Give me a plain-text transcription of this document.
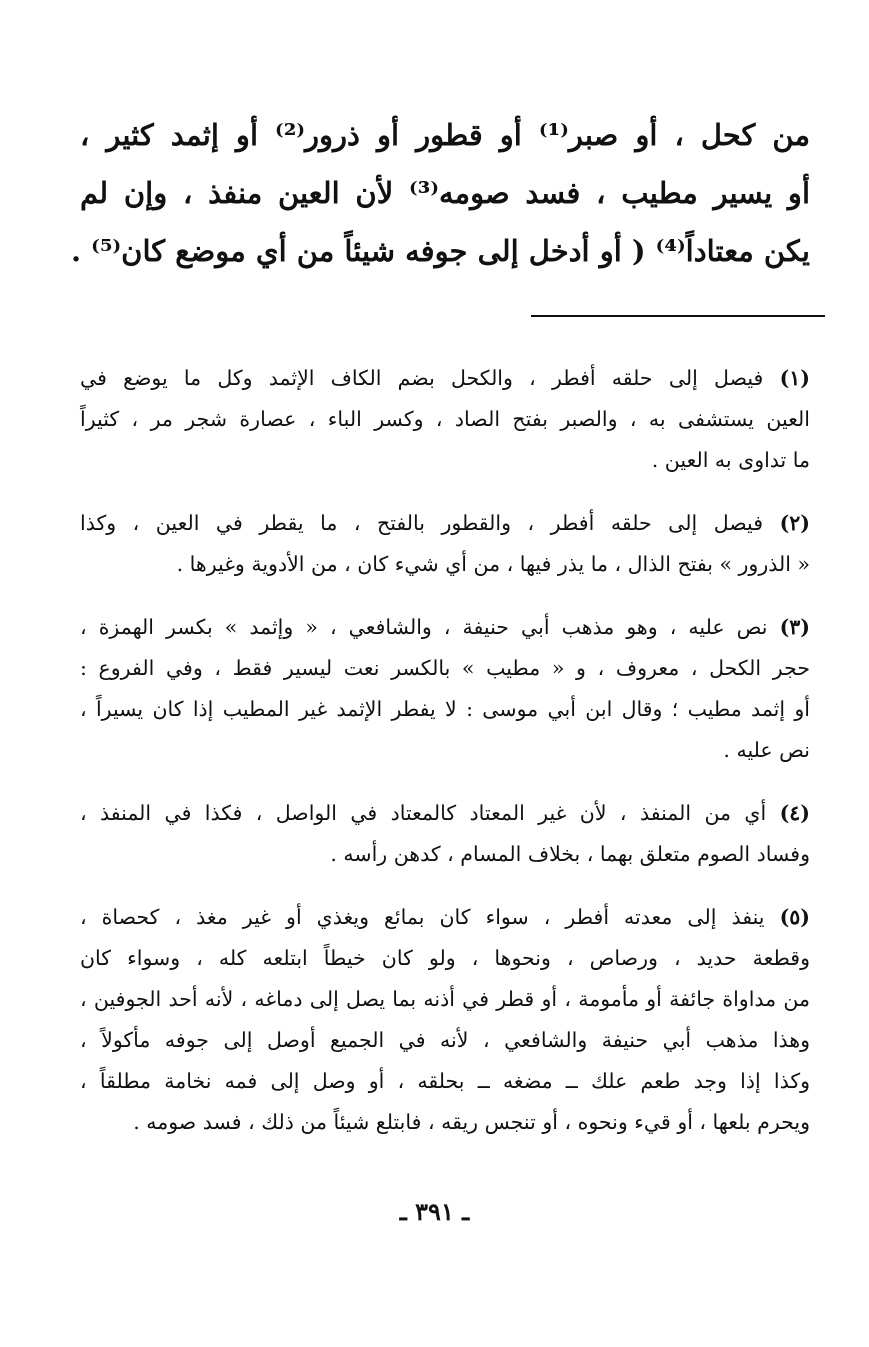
من كحل ، أو صبر⁽¹⁾ أو قطور أو ذرور⁽²⁾ أو إثمد كثير ،
أو يسير مطيب ، فسد صومه⁽³⁾ لأن العين منفذ ، وإن لم
يكن معتاداً⁽⁴⁾ ( أو أدخل إلى جوفه شيئاً من أي موضع كان⁽⁵⁾ .

(١) فيصل إلى حلقه أفطر ، والكحل بضم الكاف الإثمد وكل ما يوضع في
العين يستشفى به ، والصبر بفتح الصاد ، وكسر الباء ، عصارة شجر مر ، كثيراً
ما تداوى به العين .
(٢) فيصل إلى حلقه أفطر ، والقطور بالفتح ، ما يقطر في العين ، وكذا
« الذرور » بفتح الذال ، ما يذر فيها ، من أي شيء كان ، من الأدوية وغيرها .
(٣) نص عليه ، وهو مذهب أبي حنيفة ، والشافعي ، « وإثمد » بكسر الهمزة ،
حجر الكحل ، معروف ، و « مطيب » بالكسر نعت ليسير فقط ، وفي الفروع :
أو إثمد مطيب ؛ وقال ابن أبي موسى : لا يفطر الإثمد غير المطيب إذا كان يسيراً ،
نص عليه .
(٤) أي من المنفذ ، لأن غير المعتاد كالمعتاد في الواصل ، فكذا في المنفذ ،
وفساد الصوم متعلق بهما ، بخلاف المسام ، كدهن رأسه .
(٥) ينفذ إلى معدته أفطر ، سواء كان بمائع ويغذي أو غير مغذ ، كحصاة ،
وقطعة حديد ، ورصاص ، ونحوها ، ولو كان خيطاً ابتلعه كله ، وسواء كان
من مداواة جائفة أو مأمومة ، أو قطر في أذنه بما يصل إلى دماغه ، لأنه أحد الجوفين ،
وهذا مذهب أبي حنيفة والشافعي ، لأنه في الجميع أوصل إلى جوفه مأكولاً ،
وكذا إذا وجد طعم علك ــ مضغه ــ بحلقه ، أو وصل إلى فمه نخامة مطلقاً ،
ويحرم بلعها ، أو قيء ونحوه ، أو تنجس ريقه ، فابتلع شيئاً من ذلك ، فسد صومه .
ـ ٣٩١ ـ
